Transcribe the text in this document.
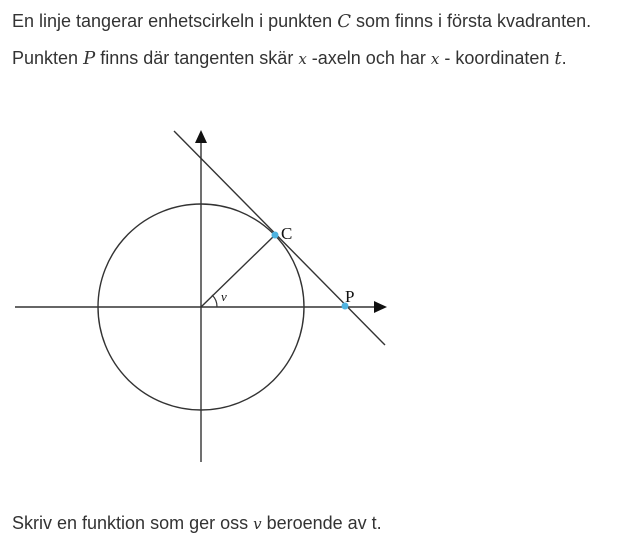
En linje tangerar enhetscirkeln i punkten C som finns i första kvadranten. Punkten P finns där tangenten skär x -axeln och har x - koordinaten t.

C
P
v

Skriv en funktion som ger oss v beroende av t.
